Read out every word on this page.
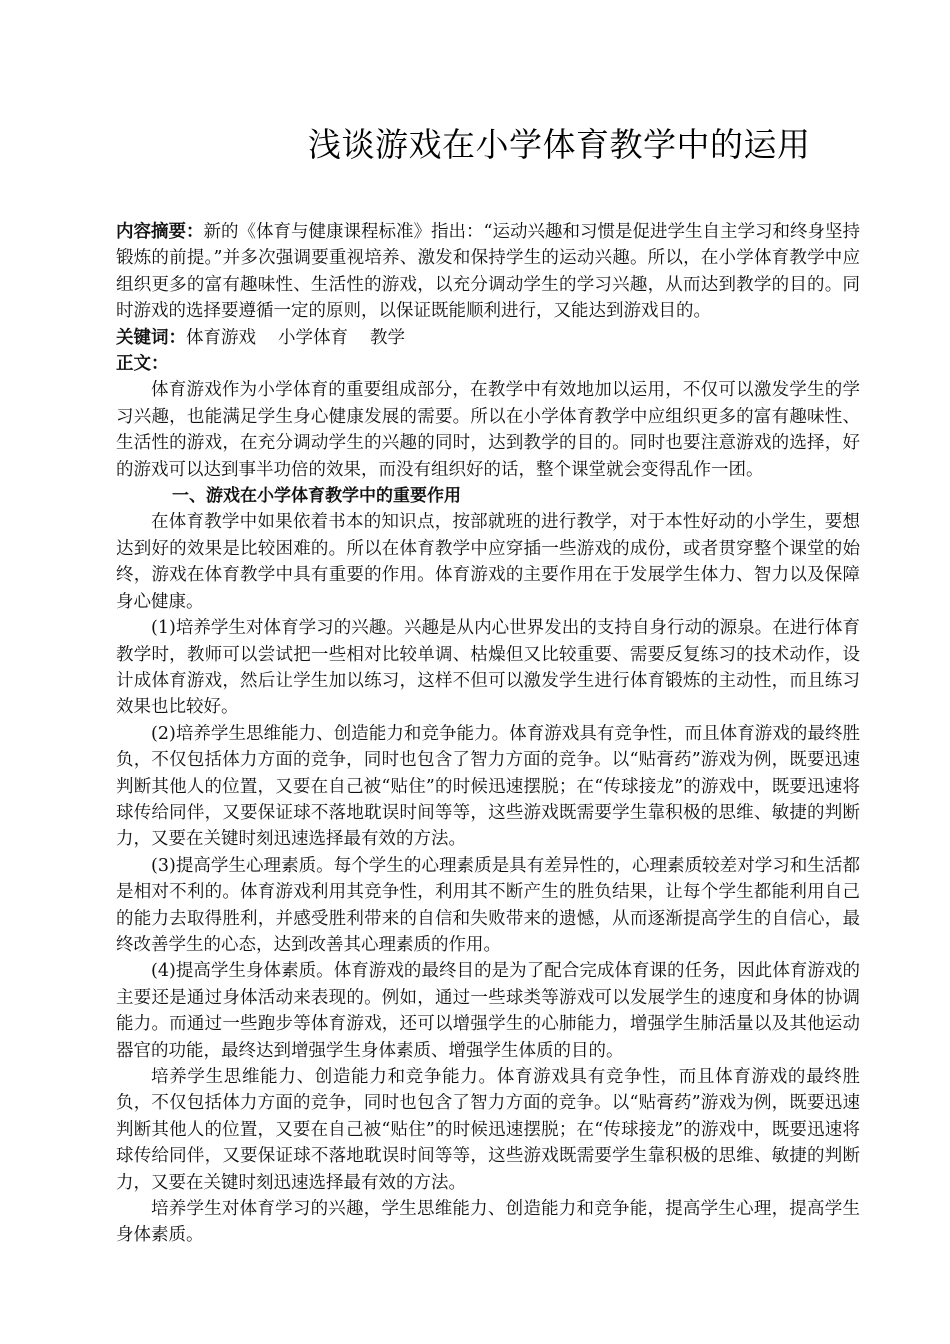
浅谈游戏在小学体育教学中的运用

内容摘要：新的《体育与健康课程标准》指出：“运动兴趣和习惯是促进学生自主学习和终身坚持锻炼的前提。”并多次强调要重视培养、激发和保持学生的运动兴趣。所以，在小学体育教学中应组织更多的富有趣味性、生活性的游戏，以充分调动学生的学习兴趣，从而达到教学的目的。同时游戏的选择要遵循一定的原则，以保证既能顺利进行，又能达到游戏目的。

关键词：体育游戏 小学体育 教学

正文：

体育游戏作为小学体育的重要组成部分，在教学中有效地加以运用，不仅可以激发学生的学习兴趣，也能满足学生身心健康发展的需要。所以在小学体育教学中应组织更多的富有趣味性、生活性的游戏，在充分调动学生的兴趣的同时，达到教学的目的。同时也要注意游戏的选择，好的游戏可以达到事半功倍的效果，而没有组织好的话，整个课堂就会变得乱作一团。

一、游戏在小学体育教学中的重要作用

在体育教学中如果依着书本的知识点，按部就班的进行教学，对于本性好动的小学生，要想达到好的效果是比较困难的。所以在体育教学中应穿插一些游戏的成份，或者贯穿整个课堂的始终，游戏在体育教学中具有重要的作用。体育游戏的主要作用在于发展学生体力、智力以及保障身心健康。

(1)培养学生对体育学习的兴趣。兴趣是从内心世界发出的支持自身行动的源泉。在进行体育教学时，教师可以尝试把一些相对比较单调、枯燥但又比较重要、需要反复练习的技术动作，设计成体育游戏，然后让学生加以练习，这样不但可以激发学生进行体育锻炼的主动性，而且练习效果也比较好。

(2)培养学生思维能力、创造能力和竞争能力。体育游戏具有竞争性，而且体育游戏的最终胜负，不仅包括体力方面的竞争，同时也包含了智力方面的竞争。以“贴膏药”游戏为例，既要迅速判断其他人的位置，又要在自己被“贴住”的时候迅速摆脱；在“传球接龙”的游戏中，既要迅速将球传给同伴，又要保证球不落地耽误时间等等，这些游戏既需要学生靠积极的思维、敏捷的判断力，又要在关键时刻迅速选择最有效的方法。

(3)提高学生心理素质。每个学生的心理素质是具有差异性的，心理素质较差对学习和生活都是相对不利的。体育游戏利用其竞争性，利用其不断产生的胜负结果，让每个学生都能利用自己的能力去取得胜利，并感受胜利带来的自信和失败带来的遗憾，从而逐渐提高学生的自信心，最终改善学生的心态，达到改善其心理素质的作用。

(4)提高学生身体素质。体育游戏的最终目的是为了配合完成体育课的任务，因此体育游戏的主要还是通过身体活动来表现的。例如，通过一些球类等游戏可以发展学生的速度和身体的协调能力。而通过一些跑步等体育游戏，还可以增强学生的心肺能力，增强学生肺活量以及其他运动器官的功能，最终达到增强学生身体素质、增强学生体质的目的。

培养学生思维能力、创造能力和竞争能力。体育游戏具有竞争性，而且体育游戏的最终胜负，不仅包括体力方面的竞争，同时也包含了智力方面的竞争。以“贴膏药”游戏为例，既要迅速判断其他人的位置，又要在自己被“贴住”的时候迅速摆脱；在“传球接龙”的游戏中，既要迅速将球传给同伴，又要保证球不落地耽误时间等等，这些游戏既需要学生靠积极的思维、敏捷的判断力，又要在关键时刻迅速选择最有效的方法。

培养学生对体育学习的兴趣，学生思维能力、创造能力和竞争能，提高学生心理，提高学生身体素质。
